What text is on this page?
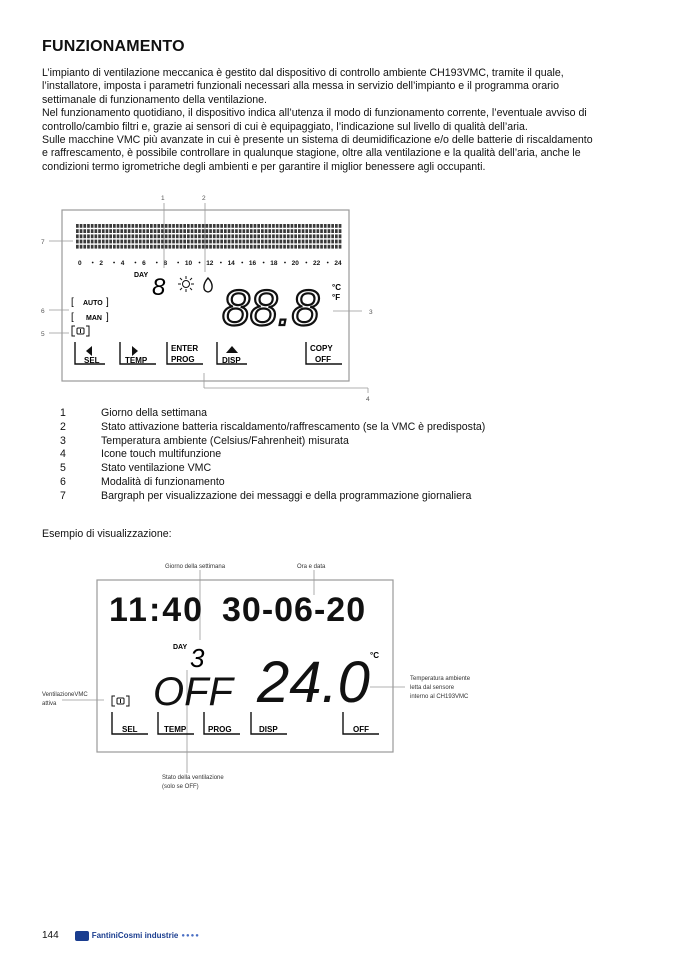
FUNZIONAMENTO

L’impianto di ventilazione meccanica è gestito dal dispositivo di controllo ambiente CH193VMC, tramite il quale,

l’installatore, imposta i parametri funzionali necessari alla messa in servizio dell’impianto e il programma orario

settimanale di funzionamento della ventilazione.

Nel funzionamento quotidiano, il dispositivo indica all’utenza il modo di funzionamento corrente, l’eventuale avviso di

controllo/cambio filtri e, grazie ai sensori di cui è equipaggiato, l’indicazione sul livello di qualità dell’aria.

Sulle macchine VMC più avanzate in cui è presente un sistema di deumidificazione e/o delle batterie di riscaldamento

e raffrescamento, è possibile controllare in qualunque stagione, oltre alla ventilazione e la qualità dell’aria, anche le

condizioni termo igrometriche degli ambienti e per garantire il miglior benessere agli occupanti.

0	2	4	6	8	10 12 14 16 18 20 22 24
1	2
7
6
5
3
4
DAY 8 88.8 °C
°F
[ AUTO ]
[ MAN ]
SEL	TEMP
ENTER
PROG	DISP
COPY
OFF
1	Giorno della settimana
2	Stato attivazione batteria riscaldamento/raffrescamento (se la VMC è predisposta)
3	Temperatura ambiente (Celsius/Fahrenheit) misurata
4	Icone touch multifunzione
5	Stato ventilazione VMC
6	Modalità di funzionamento
7	Bargraph per visualizzazione dei messaggi e della programmazione giornaliera
Esempio di visualizzazione:
Giorno della settimana	Ora e data
Temperatura ambiente
letta dal sensore
interno al CH193VMC
VentilazioneVMC
attiva
Stato della ventilazione
(solo se OFF)
11:40 30-06-20
DAY 3
OFF 24.0 °C
SEL	TEMP	PROG	DISP	OFF
144	FantiniCosmi industrie ●●●●
